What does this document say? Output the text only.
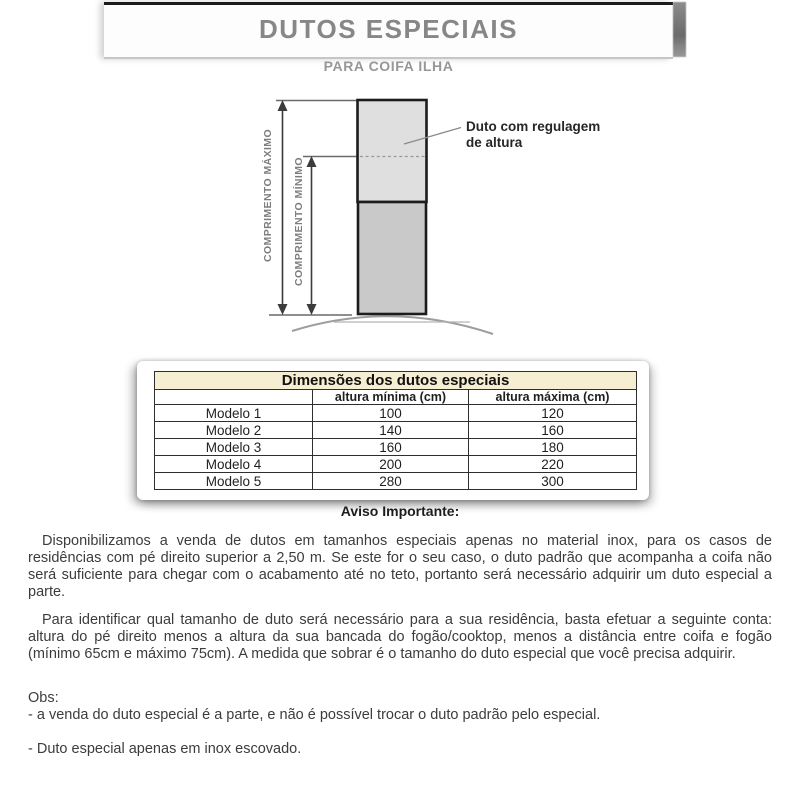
DUTOS ESPECIAIS
PARA COIFA ILHA
COMPRIMENTO MÁXIMO COMPRIMENTO MÍNIMO
Duto com regulagem
de altura
Dimensões dos dutos especiais		
	altura mínima (cm)	altura máxima (cm)
Modelo 1	100	120
Modelo 2	140	160
Modelo 3	160	180
Modelo 4	200	220
Modelo 5	280	300
Aviso Importante:

Disponibilizamos a venda de dutos em tamanhos especiais apenas no material inox, para os casos de residências com pé direito superior a 2,50 m. Se este for o seu caso, o duto padrão que acompanha a coifa não será suficiente para chegar com o acabamento até no teto, portanto será necessário adquirir um duto especial a parte.

Para identificar qual tamanho de duto será necessário para a sua residência, basta efetuar a seguinte conta: altura do pé direito menos a altura da sua bancada do fogão/cooktop, menos a distância entre coifa e fogão (mínimo 65cm e máximo 75cm). A medida que sobrar é o tamanho do duto especial que você precisa adquirir.

Obs:

- a venda do duto especial é a parte, e não é possível trocar o duto padrão pelo especial.

- Duto especial apenas em inox escovado.
